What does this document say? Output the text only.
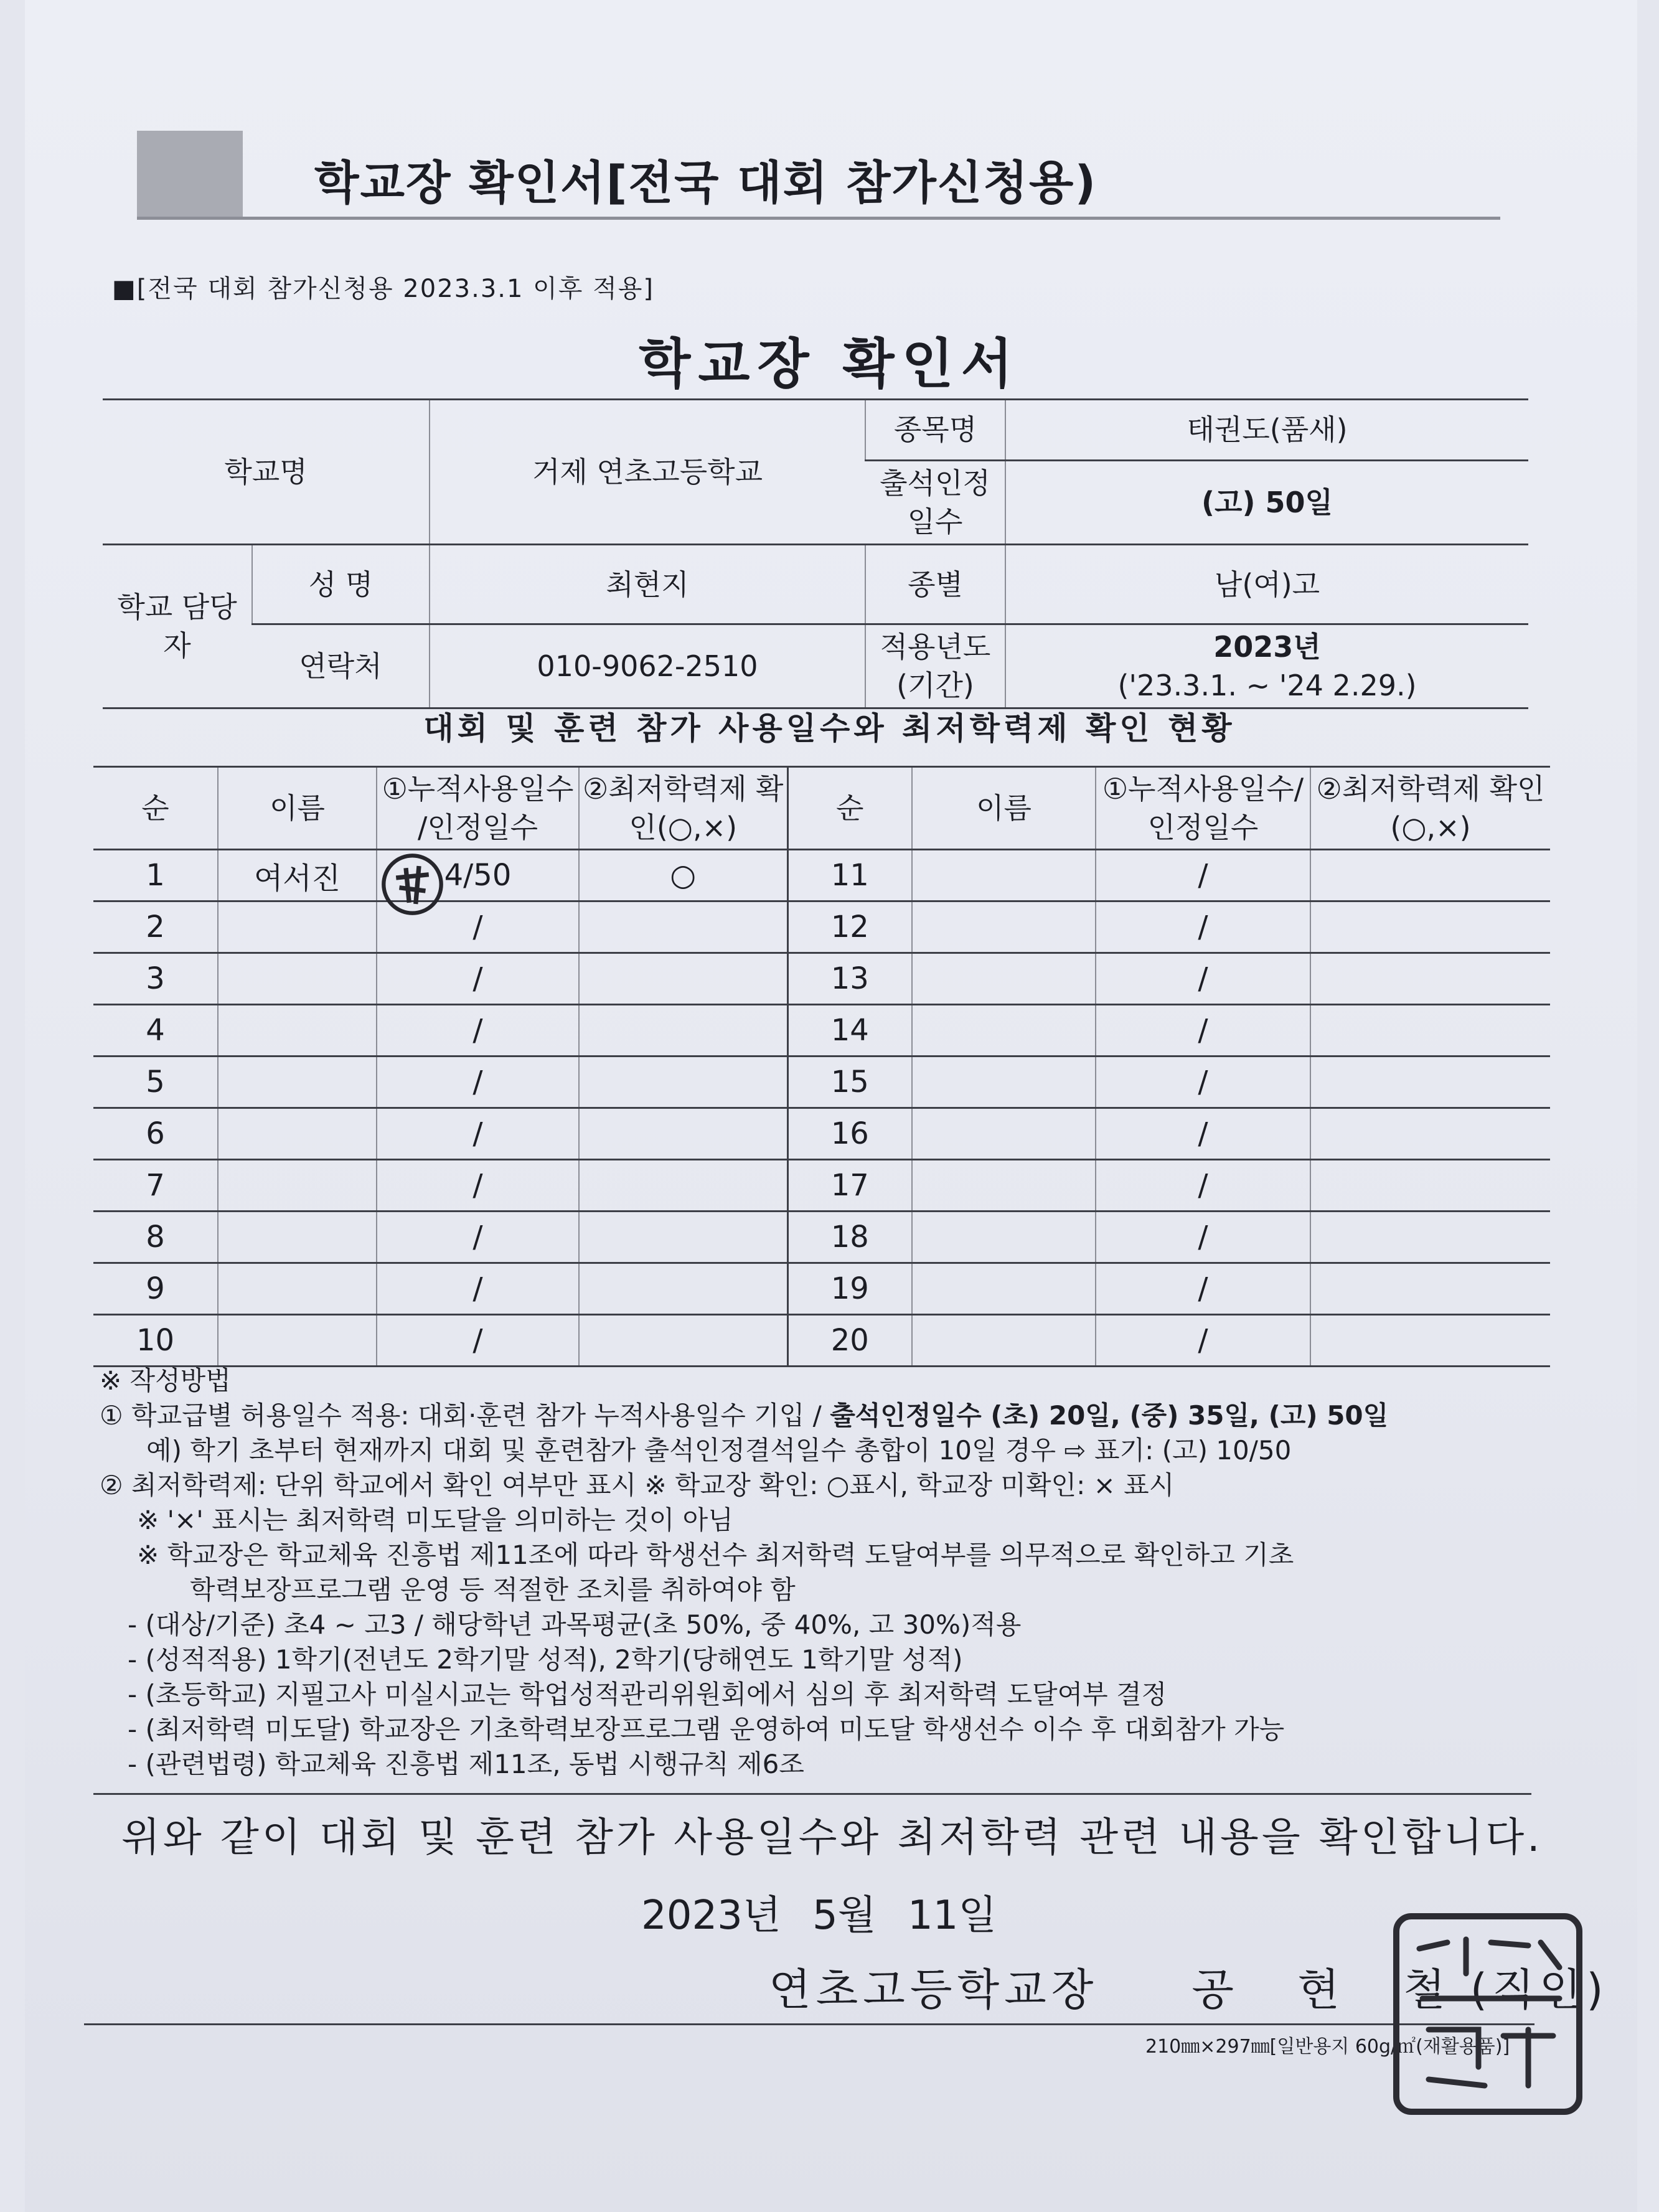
학교장 확인서[전국 대회 참가신청용)
■[전국 대회 참가신청용 2023.3.1 이후 적용]
학교장 확인서
학교명		거제 연초고등학교	종목명	태권도(품새)
			출석인정 일수	(고) 50일
학교 담당자	성 명	최현지	종별	남(여)고
	연락처	010-9062-2510	적용년도 (기간)	2023년
('23.3.1. ~ '24 2.29.)
대회 및 훈련 참가 사용일수와 최저학력제 확인 현황
순	이름	①누적사용일수 /인정일수	②최저학력제 확인(○,×)	순	이름	①누적사용일수/ 인정일수	②최저학력제 확인(○,×)
1	여서진	4/50	○	11		/	
2		/		12		/	
3		/		13		/	
4		/		14		/	
5		/		15		/	
6		/		16		/	
7		/		17		/	
8		/		18		/	
9		/		19		/	
10		/		20		/	
※ 작성방법
① 학교급별 허용일수 적용: 대회·훈련 참가 누적사용일수 기입 / 출석인정일수 (초) 20일, (중) 35일, (고) 50일
예) 학기 초부터 현재까지 대회 및 훈련참가 출석인정결석일수 총합이 10일 경우 ⇨ 표기: (고) 10/50
② 최저학력제: 단위 학교에서 확인 여부만 표시 ※ 학교장 확인: ○표시, 학교장 미확인: × 표시
※ '×' 표시는 최저학력 미도달을 의미하는 것이 아님
※ 학교장은 학교체육 진흥법 제11조에 따라 학생선수 최저학력 도달여부를 의무적으로 확인하고 기초
학력보장프로그램 운영 등 적절한 조치를 취하여야 함
- (대상/기준) 초4 ~ 고3 / 해당학년 과목평균(초 50%, 중 40%, 고 30%)적용
- (성적적용) 1학기(전년도 2학기말 성적), 2학기(당해연도 1학기말 성적)
- (초등학교) 지필고사 미실시교는 학업성적관리위원회에서 심의 후 최저학력 도달여부 결정
- (최저학력 미도달) 학교장은 기초학력보장프로그램 운영하여 미도달 학생선수 이수 후 대회참가 가능
- (관련법령) 학교체육 진흥법 제11조, 동법 시행규칙 제6조
위와 같이 대회 및 훈련 참가 사용일수와 최저학력 관련 내용을 확인합니다.
2023년 5월 11일
연초고등학교장 공 현 철(직인)
210㎜×297㎜[일반용지 60g/㎡(재활용품)]
